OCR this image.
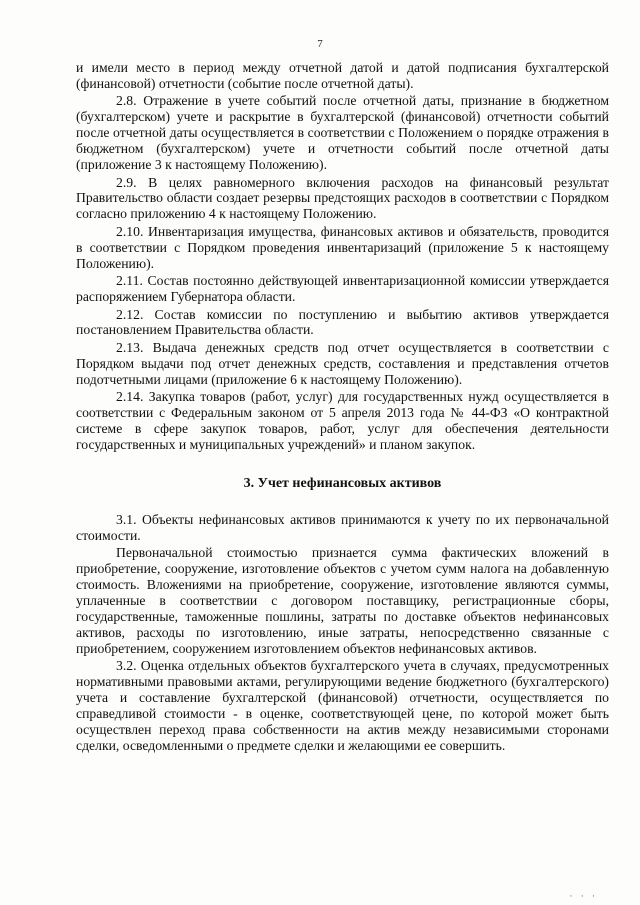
7

и имели место в период между отчетной датой и датой подписания бухгалтерской (финансовой) отчетности (событие после отчетной даты).

2.8. Отражение в учете событий после отчетной даты, признание в бюджетном (бухгалтерском) учете и раскрытие в бухгалтерской (финансовой) отчетности событий после отчетной даты осуществляется в соответствии с Положением о порядке отражения в бюджетном (бухгалтерском) учете и отчетности событий после отчетной даты (приложение 3 к настоящему Положению).

2.9. В целях равномерного включения расходов на финансовый результат Правительство области создает резервы предстоящих расходов в соответствии с Порядком согласно приложению 4 к настоящему Положению.

2.10. Инвентаризация имущества, финансовых активов и обязательств, проводится в соответствии с Порядком проведения инвентаризаций (приложение 5 к настоящему Положению).

2.11. Состав постоянно действующей инвентаризационной комиссии утверждается распоряжением Губернатора области.

2.12. Состав комиссии по поступлению и выбытию активов утверждается постановлением Правительства области.

2.13. Выдача денежных средств под отчет осуществляется в соответствии с Порядком выдачи под отчет денежных средств, составления и представления отчетов подотчетными лицами (приложение 6 к настоящему Положению).

2.14. Закупка товаров (работ, услуг) для государственных нужд осуществляется в соответствии с Федеральным законом от 5 апреля 2013 года № 44-ФЗ «О контрактной системе в сфере закупок товаров, работ, услуг для обеспечения деятельности государственных и муниципальных учреждений» и планом закупок.

3. Учет нефинансовых активов

3.1. Объекты нефинансовых активов принимаются к учету по их первоначальной стоимости.

Первоначальной стоимостью признается сумма фактических вложений в приобретение, сооружение, изготовление объектов с учетом сумм налога на добавленную стоимость. Вложениями на приобретение, сооружение, изготовление являются суммы, уплаченные в соответствии с договором поставщику, регистрационные сборы, государственные, таможенные пошлины, затраты по доставке объектов нефинансовых активов, расходы по изготовлению, иные затраты, непосредственно связанные с приобретением, сооружением изготовлением объектов нефинансовых активов.

3.2. Оценка отдельных объектов бухгалтерского учета в случаях, предусмотренных нормативными правовыми актами, регулирующими ведение бюджетного (бухгалтерского) учета и составление бухгалтерской (финансовой) отчетности, осуществляется по справедливой стоимости - в оценке, соответствующей цене, по которой может быть осуществлен переход права собственности на актив между независимыми сторонами сделки, осведомленными о предмете сделки и желающими ее совершить.

· · ·
